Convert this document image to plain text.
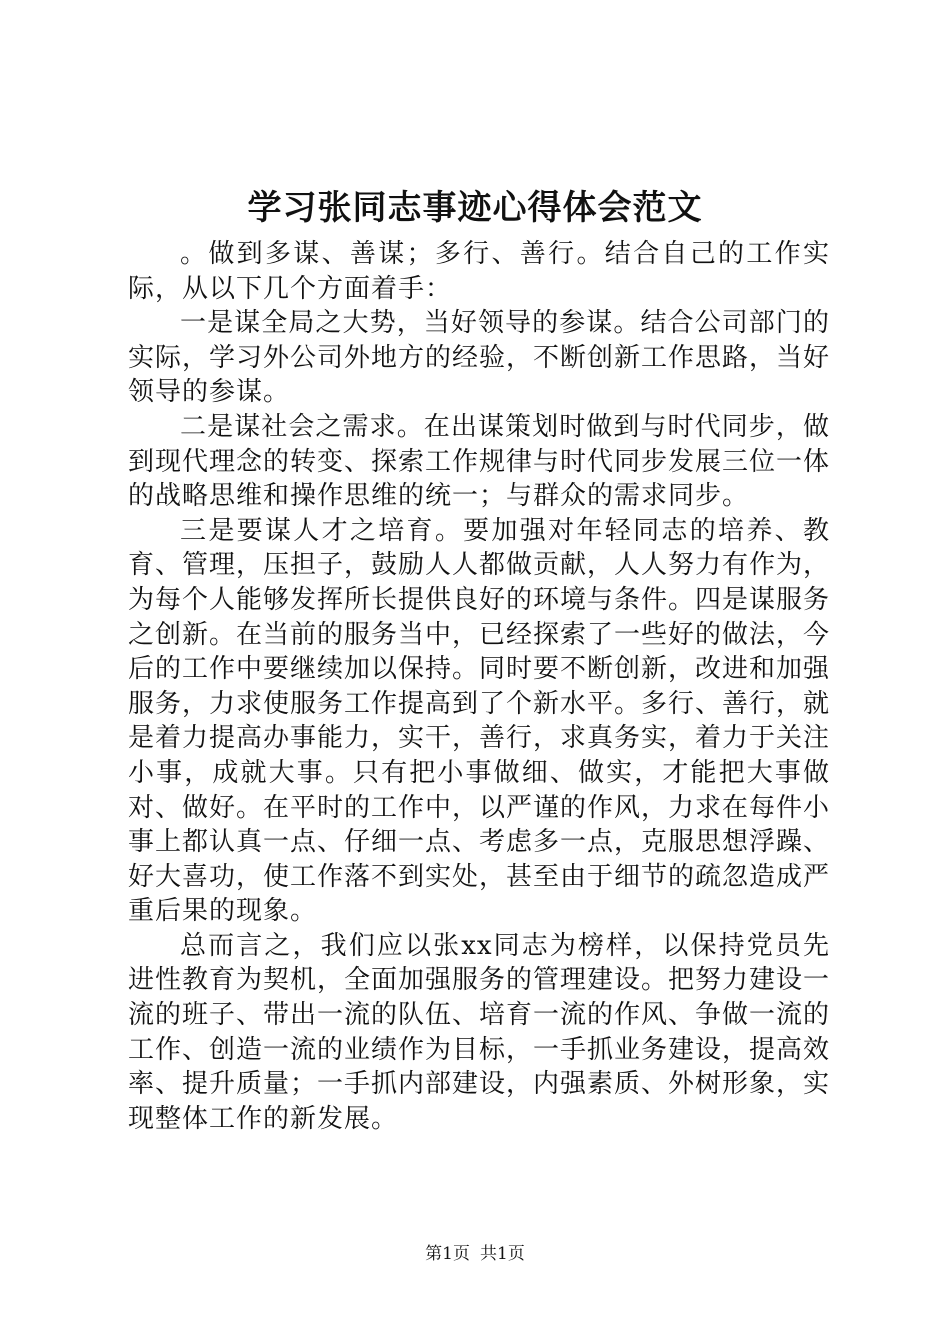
学习张同志事迹心得体会范文

。做到多谋、善谋；多行、善行。结合自己的工作实际，从以下几个方面着手：

一是谋全局之大势，当好领导的参谋。结合公司部门的实际，学习外公司外地方的经验，不断创新工作思路，当好领导的参谋。

二是谋社会之需求。在出谋策划时做到与时代同步，做到现代理念的转变、探索工作规律与时代同步发展三位一体的战略思维和操作思维的统一；与群众的需求同步。

三是要谋人才之培育。要加强对年轻同志的培养、教育、管理，压担子，鼓励人人都做贡献，人人努力有作为，为每个人能够发挥所长提供良好的环境与条件。四是谋服务之创新。在当前的服务当中，已经探索了一些好的做法，今后的工作中要继续加以保持。同时要不断创新，改进和加强服务，力求使服务工作提高到了个新水平。多行、善行，就是着力提高办事能力，实干，善行，求真务实，着力于关注小事，成就大事。只有把小事做细、做实，才能把大事做对、做好。在平时的工作中，以严谨的作风，力求在每件小事上都认真一点、仔细一点、考虑多一点，克服思想浮躁、好大喜功，使工作落不到实处，甚至由于细节的疏忽造成严重后果的现象。

总而言之，我们应以张xx同志为榜样，以保持党员先进性教育为契机，全面加强服务的管理建设。把努力建设一流的班子、带出一流的队伍、培育一流的作风、争做一流的工作、创造一流的业绩作为目标，一手抓业务建设，提高效率、提升质量；一手抓内部建设，内强素质、外树形象，实现整体工作的新发展。

第1页 共1页
